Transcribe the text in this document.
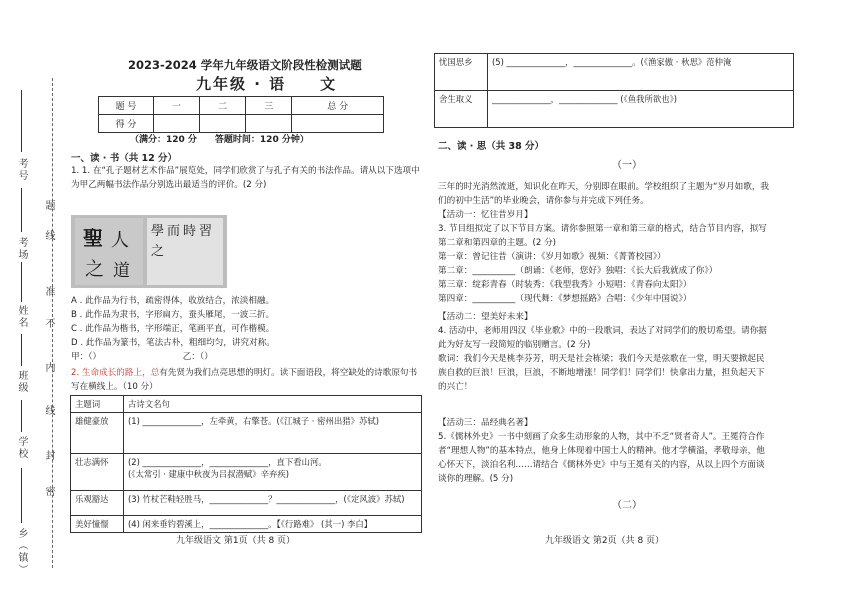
考号
考场
姓名
班级
学校
乡（镇）
题
线
准
不
内
线
封
密
2023-2024 学年九年级语文阶段性检测试题
九年级 · 语　　文
题 号	一	二	三	总 分
得 分				
（满分：120 分　　答题时间：120 分钟）
一、读 · 书（共 12 分）
1. 1. 在“孔子题材艺术作品”展览处，同学们欣赏了与孔子有关的书法作品。请从以下选项中
为甲乙两幅书法作品分别选出最适当的评价。(2 分)
聖 人
之 道
學 而 時 習
之
A . 此作品为行书，疏密得体，收放结合，浓淡相融。
B . 此作品为隶书，字形扁方，蚕头雁尾，一波三折。
C . 此作品为楷书，字形端正，笔画平直，可作楷模。
D . 此作品为篆书，笔法古朴，粗细均匀，讲究对称。
甲：（）　　　　　　　　　　乙：（）
2. 生命成长的路上，总有先贤为我们点亮思想的明灯。读下面语段，将空缺处的诗歌原句书
写在横线上。（10 分）
主题词	古诗文名句
雄健豪放	(1) ______________，左牵黄，右擎苍。(《江城子 · 密州出猎》苏轼)

壮志满怀	(2) ______________，______________，直下看山河。
(《太常引 · 建康中秋夜为吕叔潜赋》辛弃疾)

乐观豁达	(3) 竹杖芒鞋轻胜马，______________？______________，(《定风波》苏轼)

美好憧憬	(4) 闲来垂钓碧溪上，______________。【《行路难》 (其一) 李白】
九年级语文 第1页（共 8 页）
忧国思乡	(5) ______________，______________。(《渔家傲 · 秋思》范仲淹
舍生取义	______________，______________ (《鱼我所欲也》)
二、读 · 思（共 38 分）
（一）
三年的时光消然流逝，知识化在昨天，分别即在眼前。学校组织了主题为“岁月如歌，我
们的初中生活”的毕业晚会，请你参与并完成下列任务。
【活动一：忆往昔岁月】
3. 节目组拟定了以下节目方案。请你参照第一章和第三章的格式，结合节目内容，拟写
第二章和第四章的主题。(2 分)
第一章：曾记往昔（演讲：《岁月如歌》视频：《菁菁校园》）
第二章：__________（朗诵：《老师，您好》独唱：《长大后我就成了你》）
第三章：绽彩青春（时装秀：《我型我秀》小短唱：《青春向太阳》）
第四章：__________（现代舞：《梦想摇路》合唱：《少年中国说》）
【活动二：望美好未来】
4. 活动中，老师用四汉《毕业歌》中的一段歌词，表达了对同学们的殷切希望。请你据
此为好友写一段简短的临别赠言。(2 分)
歌词：我们今天是桃李芬芳，明天是社会栋梁；我们今天是弦歌在一堂，明天要掀起民
族自救的巨浪！巨浪，巨浪，不断地增涨！同学们！同学们！快拿出力量，担负起天下
的兴亡！
【活动三：品经典名著】
5.《儒林外史》一书中刻画了众多生动形象的人物，其中不乏“贤者奇人”。王冕符合作
者“理想人物”的基本特点，他身上体现着中国士人的精神。他才学横溢，孝敬母亲，他
心怀天下，淡泊名利……请结合《儒林外史》中与王冕有关的内容，从以上四个方面谈
谈你的理解。(5 分)
（二）
九年级语文 第2页（共 8 页）
